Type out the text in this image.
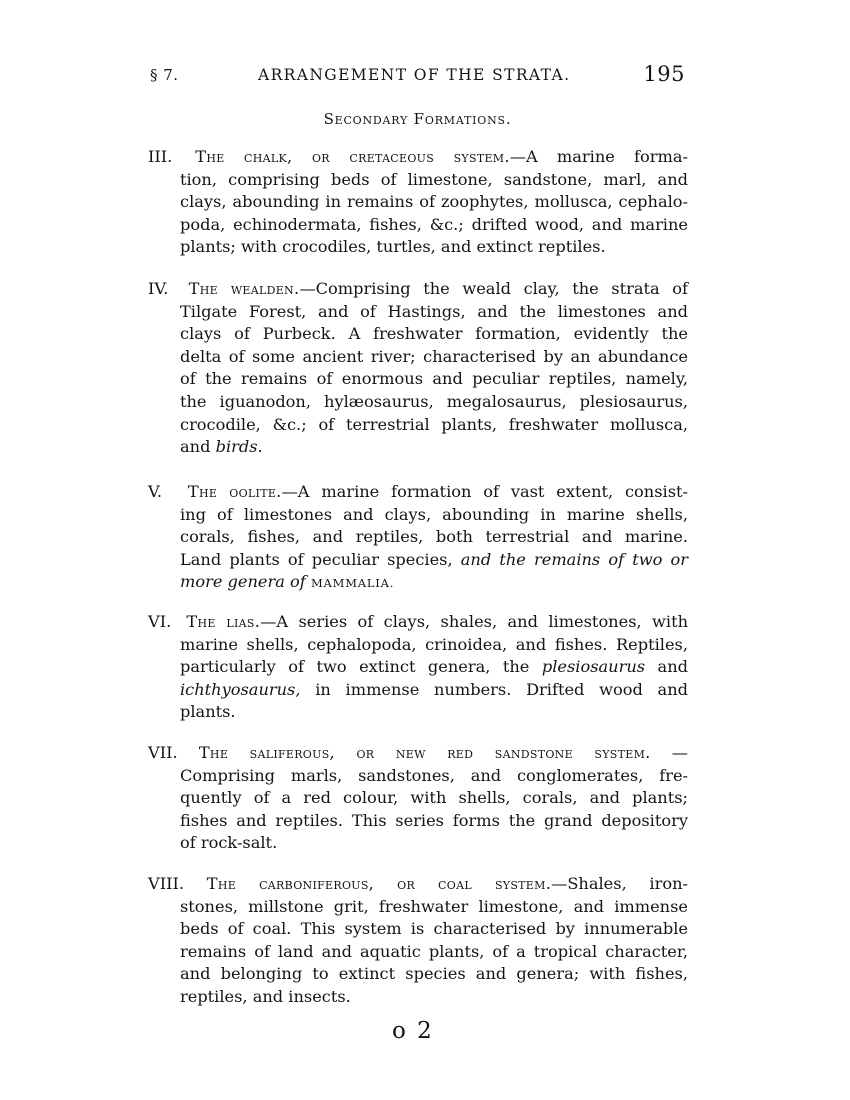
§ 7.	ARRANGEMENT OF THE STRATA.	195
Secondary Formations.
III. The chalk, or cretaceous system.—A marine forma-
tion, comprising beds of limestone, sandstone, marl, and
clays, abounding in remains of zoophytes, mollusca, cephalo-
poda, echinodermata, fishes, &c.; drifted wood, and marine
plants; with crocodiles, turtles, and extinct reptiles.
IV. The wealden.—Comprising the weald clay, the strata of
Tilgate Forest, and of Hastings, and the limestones and
clays of Purbeck. A freshwater formation, evidently the
delta of some ancient river; characterised by an abundance
of the remains of enormous and peculiar reptiles, namely,
the iguanodon, hylæosaurus, megalosaurus, plesiosaurus,
crocodile, &c.; of terrestrial plants, freshwater mollusca,
and birds.
V. The oolite.—A marine formation of vast extent, consist-
ing of limestones and clays, abounding in marine shells,
corals, fishes, and reptiles, both terrestrial and marine.
Land plants of peculiar species, and the remains of two or
more genera of MAMMALIA.
VI. The lias.—A series of clays, shales, and limestones, with
marine shells, cephalopoda, crinoidea, and fishes. Reptiles,
particularly of two extinct genera, the plesiosaurus and
ichthyosaurus, in immense numbers. Drifted wood and
plants.
VII. The saliferous, or new red sandstone system. —
Comprising marls, sandstones, and conglomerates, fre-
quently of a red colour, with shells, corals, and plants;
fishes and reptiles. This series forms the grand depository
of rock-salt.
VIII. The carboniferous, or coal system.—Shales, iron-
stones, millstone grit, freshwater limestone, and immense
beds of coal. This system is characterised by innumerable
remains of land and aquatic plants, of a tropical character,
and belonging to extinct species and genera; with fishes,
reptiles, and insects.
o 2
